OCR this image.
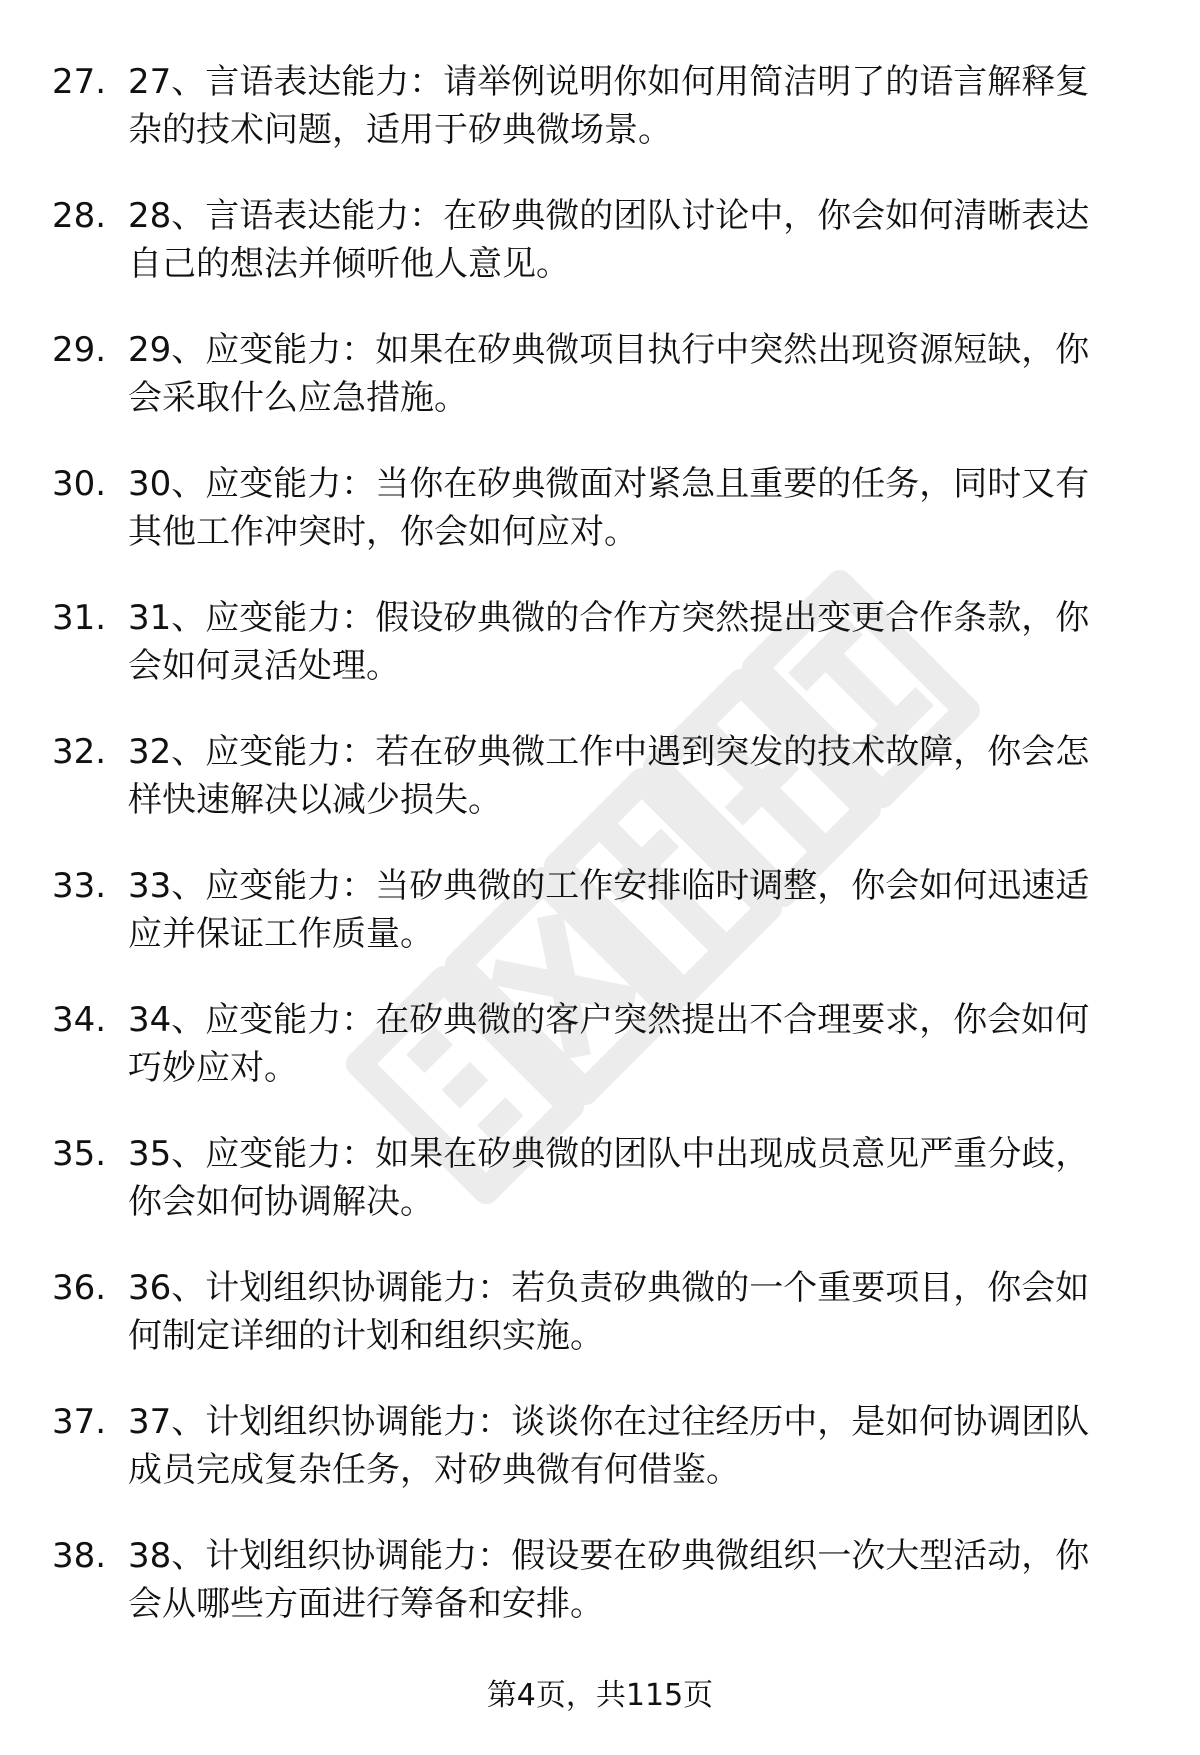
27. 27、言语表达能力：请举例说明你如何用简洁明了的语言解释复
杂的技术问题，适用于矽典微场景。
28. 28、言语表达能力：在矽典微的团队讨论中，你会如何清晰表达
自己的想法并倾听他人意见。
29. 29、应变能力：如果在矽典微项目执行中突然出现资源短缺，你
会采取什么应急措施。
30. 30、应变能力：当你在矽典微面对紧急且重要的任务，同时又有
其他工作冲突时，你会如何应对。
31. 31、应变能力：假设矽典微的合作方突然提出变更合作条款，你
会如何灵活处理。
32. 32、应变能力：若在矽典微工作中遇到突发的技术故障，你会怎
样快速解决以减少损失。
33. 33、应变能力：当矽典微的工作安排临时调整，你会如何迅速适
应并保证工作质量。
34. 34、应变能力：在矽典微的客户突然提出不合理要求，你会如何
巧妙应对。
35. 35、应变能力：如果在矽典微的团队中出现成员意见严重分歧，
你会如何协调解决。
36. 36、计划组织协调能力：若负责矽典微的一个重要项目，你会如
何制定详细的计划和组织实施。
37. 37、计划组织协调能力：谈谈你在过往经历中，是如何协调团队
成员完成复杂任务，对矽典微有何借鉴。
38. 38、计划组织协调能力：假设要在矽典微组织一次大型活动，你
会从哪些方面进行筹备和安排。
第4页，共115页
